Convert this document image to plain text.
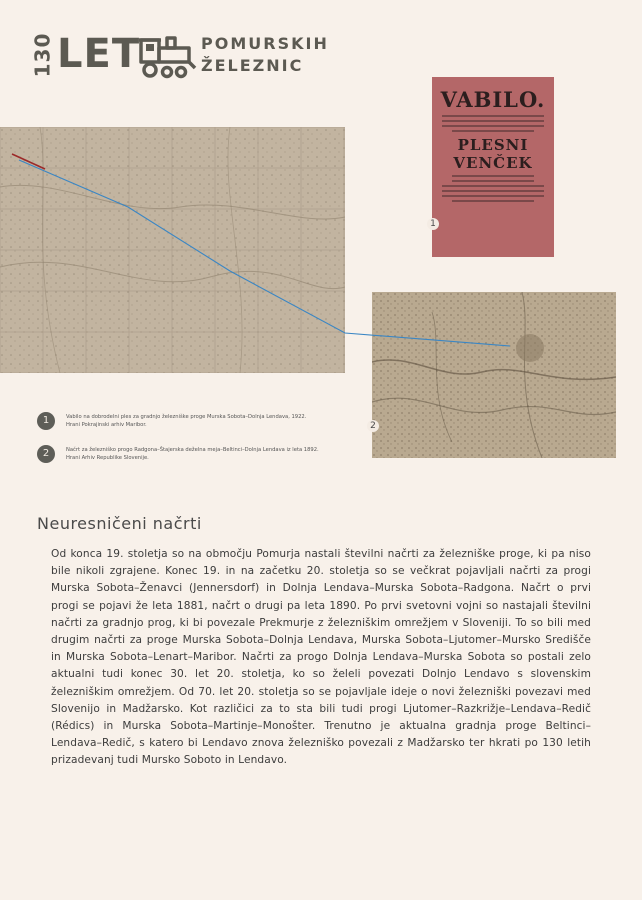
130 LET	POMURSKIH
ŽELEZNIC
VABILO.
PLESNI VENČEK
1
2
1	Vabilo na dobrodelni ples za gradnjo železniške proge Murska Sobota–Dolnja Lendava, 1922.
Hrani Pokrajinski arhiv Maribor.
2	Načrt za železniško progo Radgona–Štajerska deželna meja–Beltinci–Dolnja Lendava iz leta 1892.
Hrani Arhiv Republike Slovenije.
Neuresničeni načrti

Od konca 19. stoletja so na območju Pomurja nastali številni načrti za železniške proge, ki pa niso bile nikoli zgrajene. Konec 19. in na začetku 20. stoletja so se večkrat pojavljali načrti za progi Murska Sobota–Ženavci (Jennersdorf) in Dolnja Lendava–Murska Sobota–Radgona. Načrt o prvi progi se pojavi že leta 1881, načrt o drugi pa leta 1890. Po prvi svetovni vojni so nastajali številni načrti za gradnjo prog, ki bi povezale Prekmurje z železniškim omrežjem v Sloveniji. To so bili med drugim načrti za proge Murska Sobota–Dolnja Lendava, Murska Sobota–Ljutomer–Mursko Središče in Murska Sobota–Lenart–Maribor. Načrti za progo Dolnja Lendava–Murska Sobota so postali zelo aktualni tudi konec 30. let 20. stoletja, ko so želeli povezati Dolnjo Lendavo s slovenskim železniškim omrežjem. Od 70. let 20. stoletja so se pojavljale ideje o novi železniški povezavi med Slovenijo in Madžarsko. Kot različici za to sta bili tudi progi Ljutomer–Razkrižje–Lendava–Redič (Rédics) in Murska Sobota–Martinje–Monošter. Trenutno je aktualna gradnja proge Beltinci–Lendava–Redič, s katero bi Lendavo znova železniško povezali z Madžarsko ter hkrati po 130 letih prizadevanj tudi Mursko Soboto in Lendavo.
